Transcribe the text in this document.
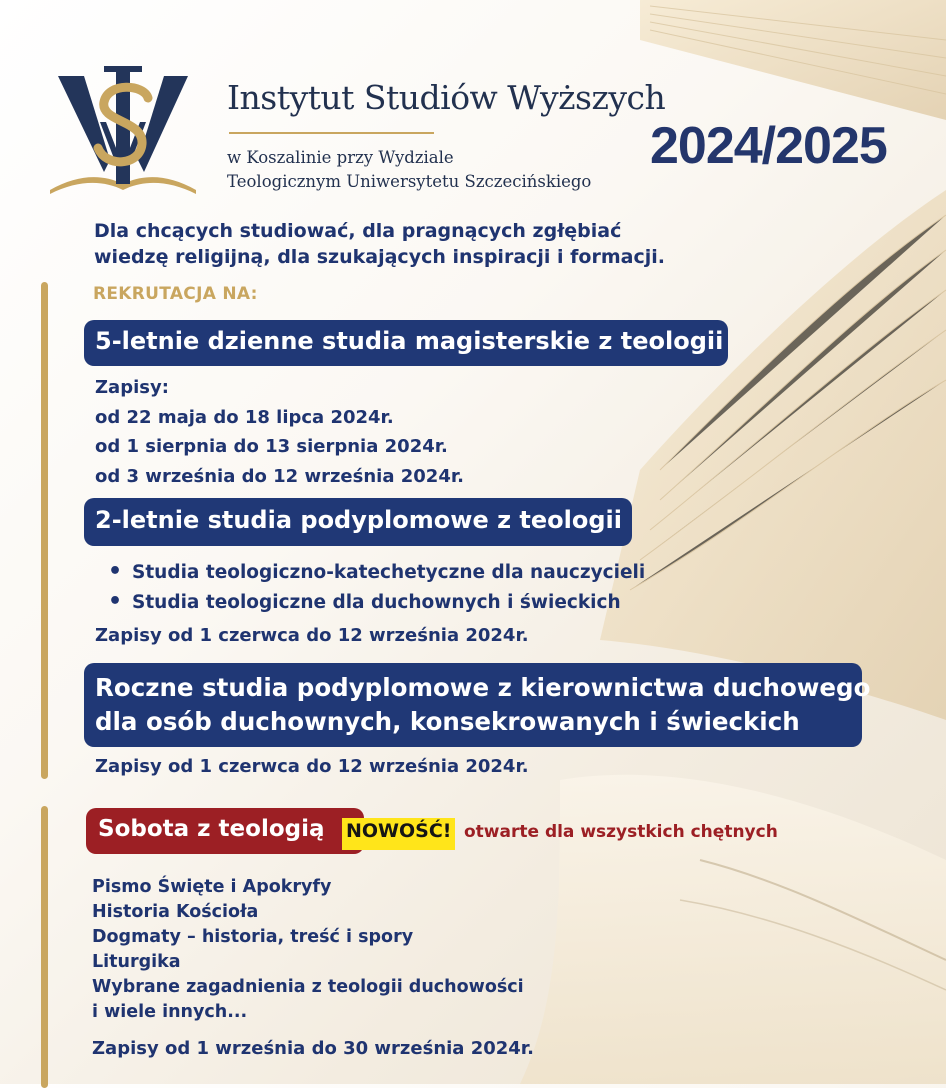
Instytut Studiów Wyższych
w Koszalinie przy Wydziale
Teologicznym Uniwersytetu Szczecińskiego
2024/2025
Dla chcących studiować, dla pragnących zgłębiać
wiedzę religijną, dla szukających inspiracji i formacji.
REKRUTACJA NA:
5-letnie dzienne studia magisterskie z teologii
Zapisy:
od 22 maja do 18 lipca 2024r.
od 1 sierpnia do 13 sierpnia 2024r.
od 3 września do 12 września 2024r.
2-letnie studia podyplomowe z teologii
• Studia teologiczno-katechetyczne dla nauczycieli
• Studia teologiczne dla duchownych i świeckich
Zapisy od 1 czerwca do 12 września 2024r.
Roczne studia podyplomowe z kierownictwa duchowego
dla osób duchownych, konsekrowanych i świeckich
Zapisy od 1 czerwca do 12 września 2024r.
Sobota z teologią	NOWOŚĆ! otwarte dla wszystkich chętnych
Pismo Święte i Apokryfy
Historia Kościoła
Dogmaty – historia, treść i spory
Liturgika
Wybrane zagadnienia z teologii duchowości
i wiele innych...
Zapisy od 1 września do 30 września 2024r.
